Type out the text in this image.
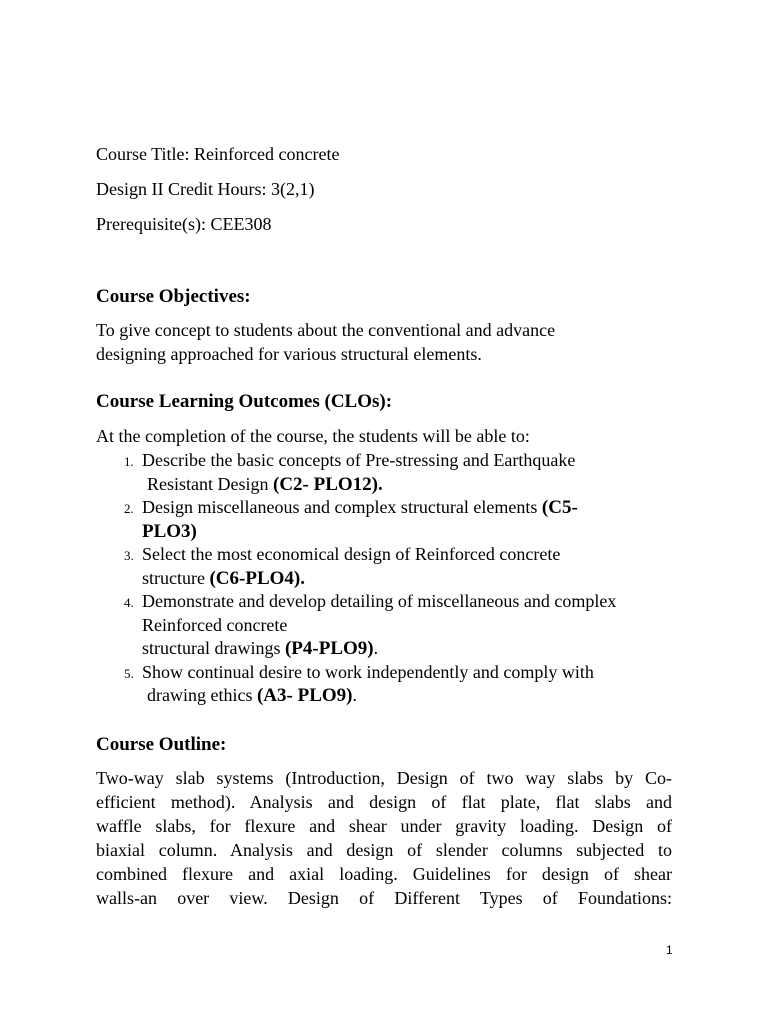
Course Title: Reinforced concrete
Design II Credit Hours: 3(2,1)
Prerequisite(s): CEE308
Course Objectives:
To give concept to students about the conventional and advance
designing approached for various structural elements.
Course Learning Outcomes (CLOs):
At the completion of the course, the students will be able to:
1. Describe the basic concepts of Pre-stressing and Earthquake
Resistant Design (C2- PLO12).
2. Design miscellaneous and complex structural elements (C5-
PLO3)
3. Select the most economical design of Reinforced concrete
structure (C6-PLO4).
4. Demonstrate and develop detailing of miscellaneous and complex
Reinforced concrete
structural drawings (P4-PLO9).
5. Show continual desire to work independently and comply with
drawing ethics (A3- PLO9).
Course Outline:
Two-way slab systems (Introduction, Design of two way slabs by Co-
efficient method). Analysis and design of flat plate, flat slabs and
waffle slabs, for flexure and shear under gravity loading. Design of
biaxial column. Analysis and design of slender columns subjected to
combined flexure and axial loading. Guidelines for design of shear
walls-an over view. Design of Different Types of Foundations:
1
